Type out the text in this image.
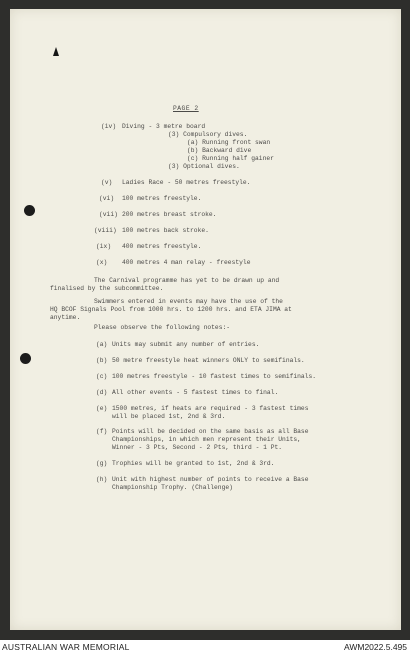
PAGE 2
(iv) Diving - 3 metre board
(3) Compulsory dives.
(a) Running front swan
(b) Backward dive
(c) Running half gainer
(3) Optional dives.
(v) Ladies Race - 50 metres freestyle.
(vi) 100 metres freestyle.
(vii) 200 metres breast stroke.
(viii) 100 metres back stroke.
(ix) 400 metres freestyle.
(x) 400 metres 4 man relay - freestyle
The Carnival programme has yet to be drawn up and
finalised by the subcommittee.
Swimmers entered in events may have the use of the
HQ BCOF Signals Pool from 1000 hrs. to 1200 hrs. and ETA JIMA at
anytime.
Please observe the following notes:-
(a) Units may submit any number of entries.
(b) 50 metre freestyle heat winners ONLY to semifinals.
(c) 100 metres freestyle - 10 fastest times to semifinals.
(d) All other events - 5 fastest times to final.
(e) 1500 metres, if heats are required - 3 fastest times
will be placed 1st, 2nd & 3rd.
(f) Points will be decided on the same basis as all Base
Championships, in which men represent their Units,
Winner - 3 Pts, Second - 2 Pts, third - 1 Pt.
(g) Trophies will be granted to 1st, 2nd & 3rd.
(h) Unit with highest number of points to receive a Base
Championship Trophy. (Challenge)
AUSTRALIAN WAR MEMORIAL	AWM2022.5.495
